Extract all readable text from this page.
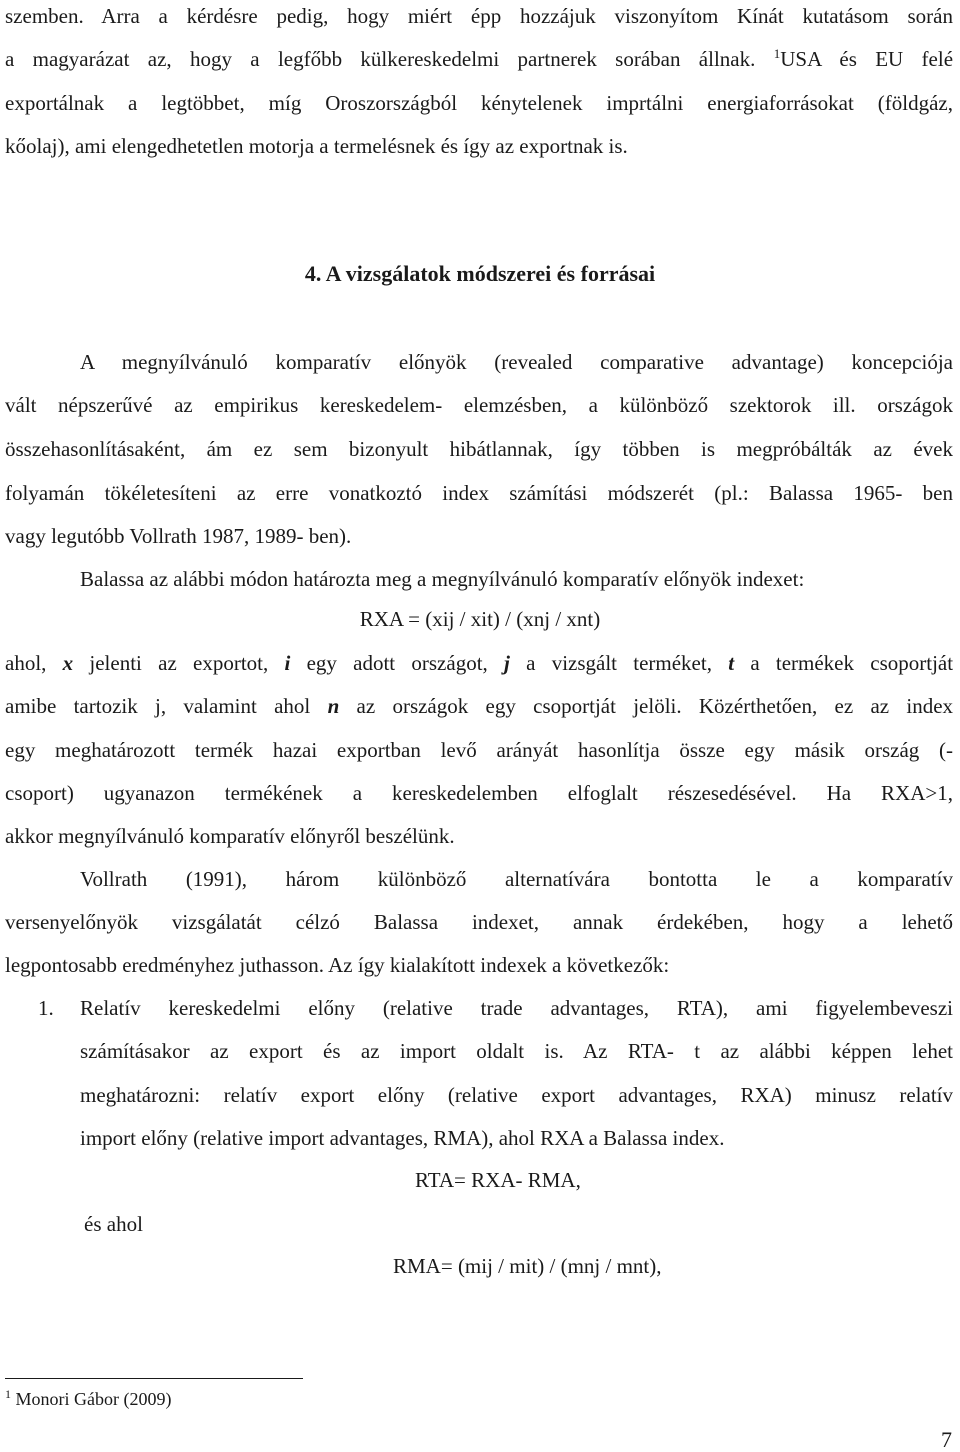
szemben. Arra a kérdésre pedig, hogy miért épp hozzájuk viszonyítom Kínát kutatásom során
a magyarázat az, hogy a legfőbb külkereskedelmi partnerek sorában állnak. $^1$USA és EU felé
exportálnak a legtöbbet, míg Oroszországból kénytelenek imprtálni energiaforrásokat (földgáz,
kőolaj), ami elengedhetetlen motorja a termelésnek és így az exportnak is.
4. A vizsgálatok módszerei és forrásai
A megnyílvánuló komparatív előnyök (revealed comparative advantage) koncepciója
vált népszerűvé az empirikus kereskedelem- elemzésben, a különböző szektorok ill. országok
összehasonlításaként, ám ez sem bizonyult hibátlannak, így többen is megpróbálták az évek
folyamán tökéletesíteni az erre vonatkoztó index számítási módszerét (pl.: Balassa 1965- ben
vagy legutóbb Vollrath 1987, 1989- ben).
Balassa az alábbi módon határozta meg a megnyílvánuló komparatív előnyök indexet:
RXA = (xij / xit) / (xnj / xnt)
ahol, x jelenti az exportot, i egy adott országot, j a vizsgált terméket, t a termékek csoportját
amibe tartozik j, valamint ahol n az országok egy csoportját jelöli. Közérthetően, ez az index
egy meghatározott termék hazai exportban levő arányát hasonlítja össze egy másik ország (-
csoport) ugyanazon termékének a kereskedelemben elfoglalt részesedésével. Ha RXA>1,
akkor megnyílvánuló komparatív előnyről beszélünk.
Vollrath (1991), három különböző alternatívára bontotta le a komparatív
versenyelőnyök vizsgálatát célzó Balassa indexet, annak érdekében, hogy a lehető
legpontosabb eredményhez juthasson. Az így kialakított indexek a következők:
1. Relatív kereskedelmi előny (relative trade advantages, RTA), ami figyelembeveszi
számításakor az export és az import oldalt is. Az RTA- t az alábbi képpen lehet
meghatározni: relatív export előny (relative export advantages, RXA) minusz relatív
import előny (relative import advantages, RMA), ahol RXA a Balassa index.
RTA= RXA- RMA,
és ahol
RMA= (mij / mit) / (mnj / mnt),
$^1$ Monori Gábor (2009)
7
